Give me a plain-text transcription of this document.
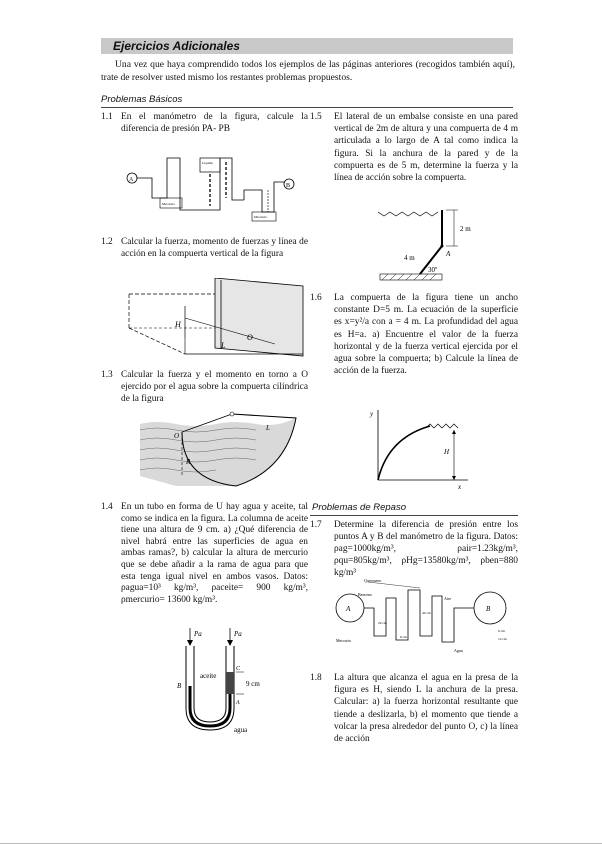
Ejercicios Adicionales
Una vez que haya comprendido todos los ejemplos de las páginas anteriores (recogidos también aquí), trate de resolver usted mismo los restantes problemas propuestos.
Problemas Básicos
1.1 En el manómetro de la figura, calcule la diferencia de presión PA- PB
A
Líquido
Mercurio
Mercurio
B
1.2 Calcular la fuerza, momento de fuerzas y línea de acción en la compuerta vertical de la figura
H
L
O
1.3 Calcular la fuerza y el momento en torno a O ejercido por el agua sobre la compuerta cilíndrica de la figura
O
L
R
1.4 En un tubo en forma de U hay agua y aceite, tal como se indica en la figura. La columna de aceite tiene una altura de 9 cm. a) ¿Qué diferencia de nivel habrá entre las superficies de agua en ambas ramas?, b) calcular la altura de mercurio que se debe añadir a la rama de agua para que esta tenga igual nivel en ambos vasos. Datos: ρagua=10³ kg/m³, ρaceite= 900 kg/m³, ρmercurio= 13600 kg/m³.
Pa	Pa
aceite
9 cm
B
C
A
agua
1.5 El lateral de un embalse consiste en una pared vertical de 2m de altura y una compuerta de 4 m articulada a lo largo de A tal como indica la figura. Si la anchura de la pared y de la compuerta es de 5 m, determine la fuerza y la línea de acción sobre la compuerta.
2 m
4 m	A
30º
1.6 La compuerta de la figura tiene un ancho constante D=5 m. La ecuación de la superficie es x=y²/a con a = 4 m. La profundidad del agua es H=a. a) Encuentre el valor de la fuerza horizontal y de la fuerza vertical ejercida por el agua sobre la compuerta; b) Calcule la línea de acción de la fuerza.
y
x
H
Problemas de Repaso
1.7 Determine la diferencia de presión entre los puntos A y B del manómetro de la figura. Datos: ρag=1000kg/m³, ρair=1.23kg/m³, ρqu=805kg/m³, ρHg=13580kg/m³, ρben=880 kg/m³
A	B
Queroseno
Benceno
Aire
Mercurio
Agua
20 cm
40 cm
8 cm
9 cm
14 cm
1.8 La altura que alcanza el agua en la presa de la figura es H, siendo L la anchura de la presa. Calcular: a) la fuerza horizontal resultante que tiende a deslizarla, b) el momento que tiende a volcar la presa alrededor del punto O, c) la línea de acción
